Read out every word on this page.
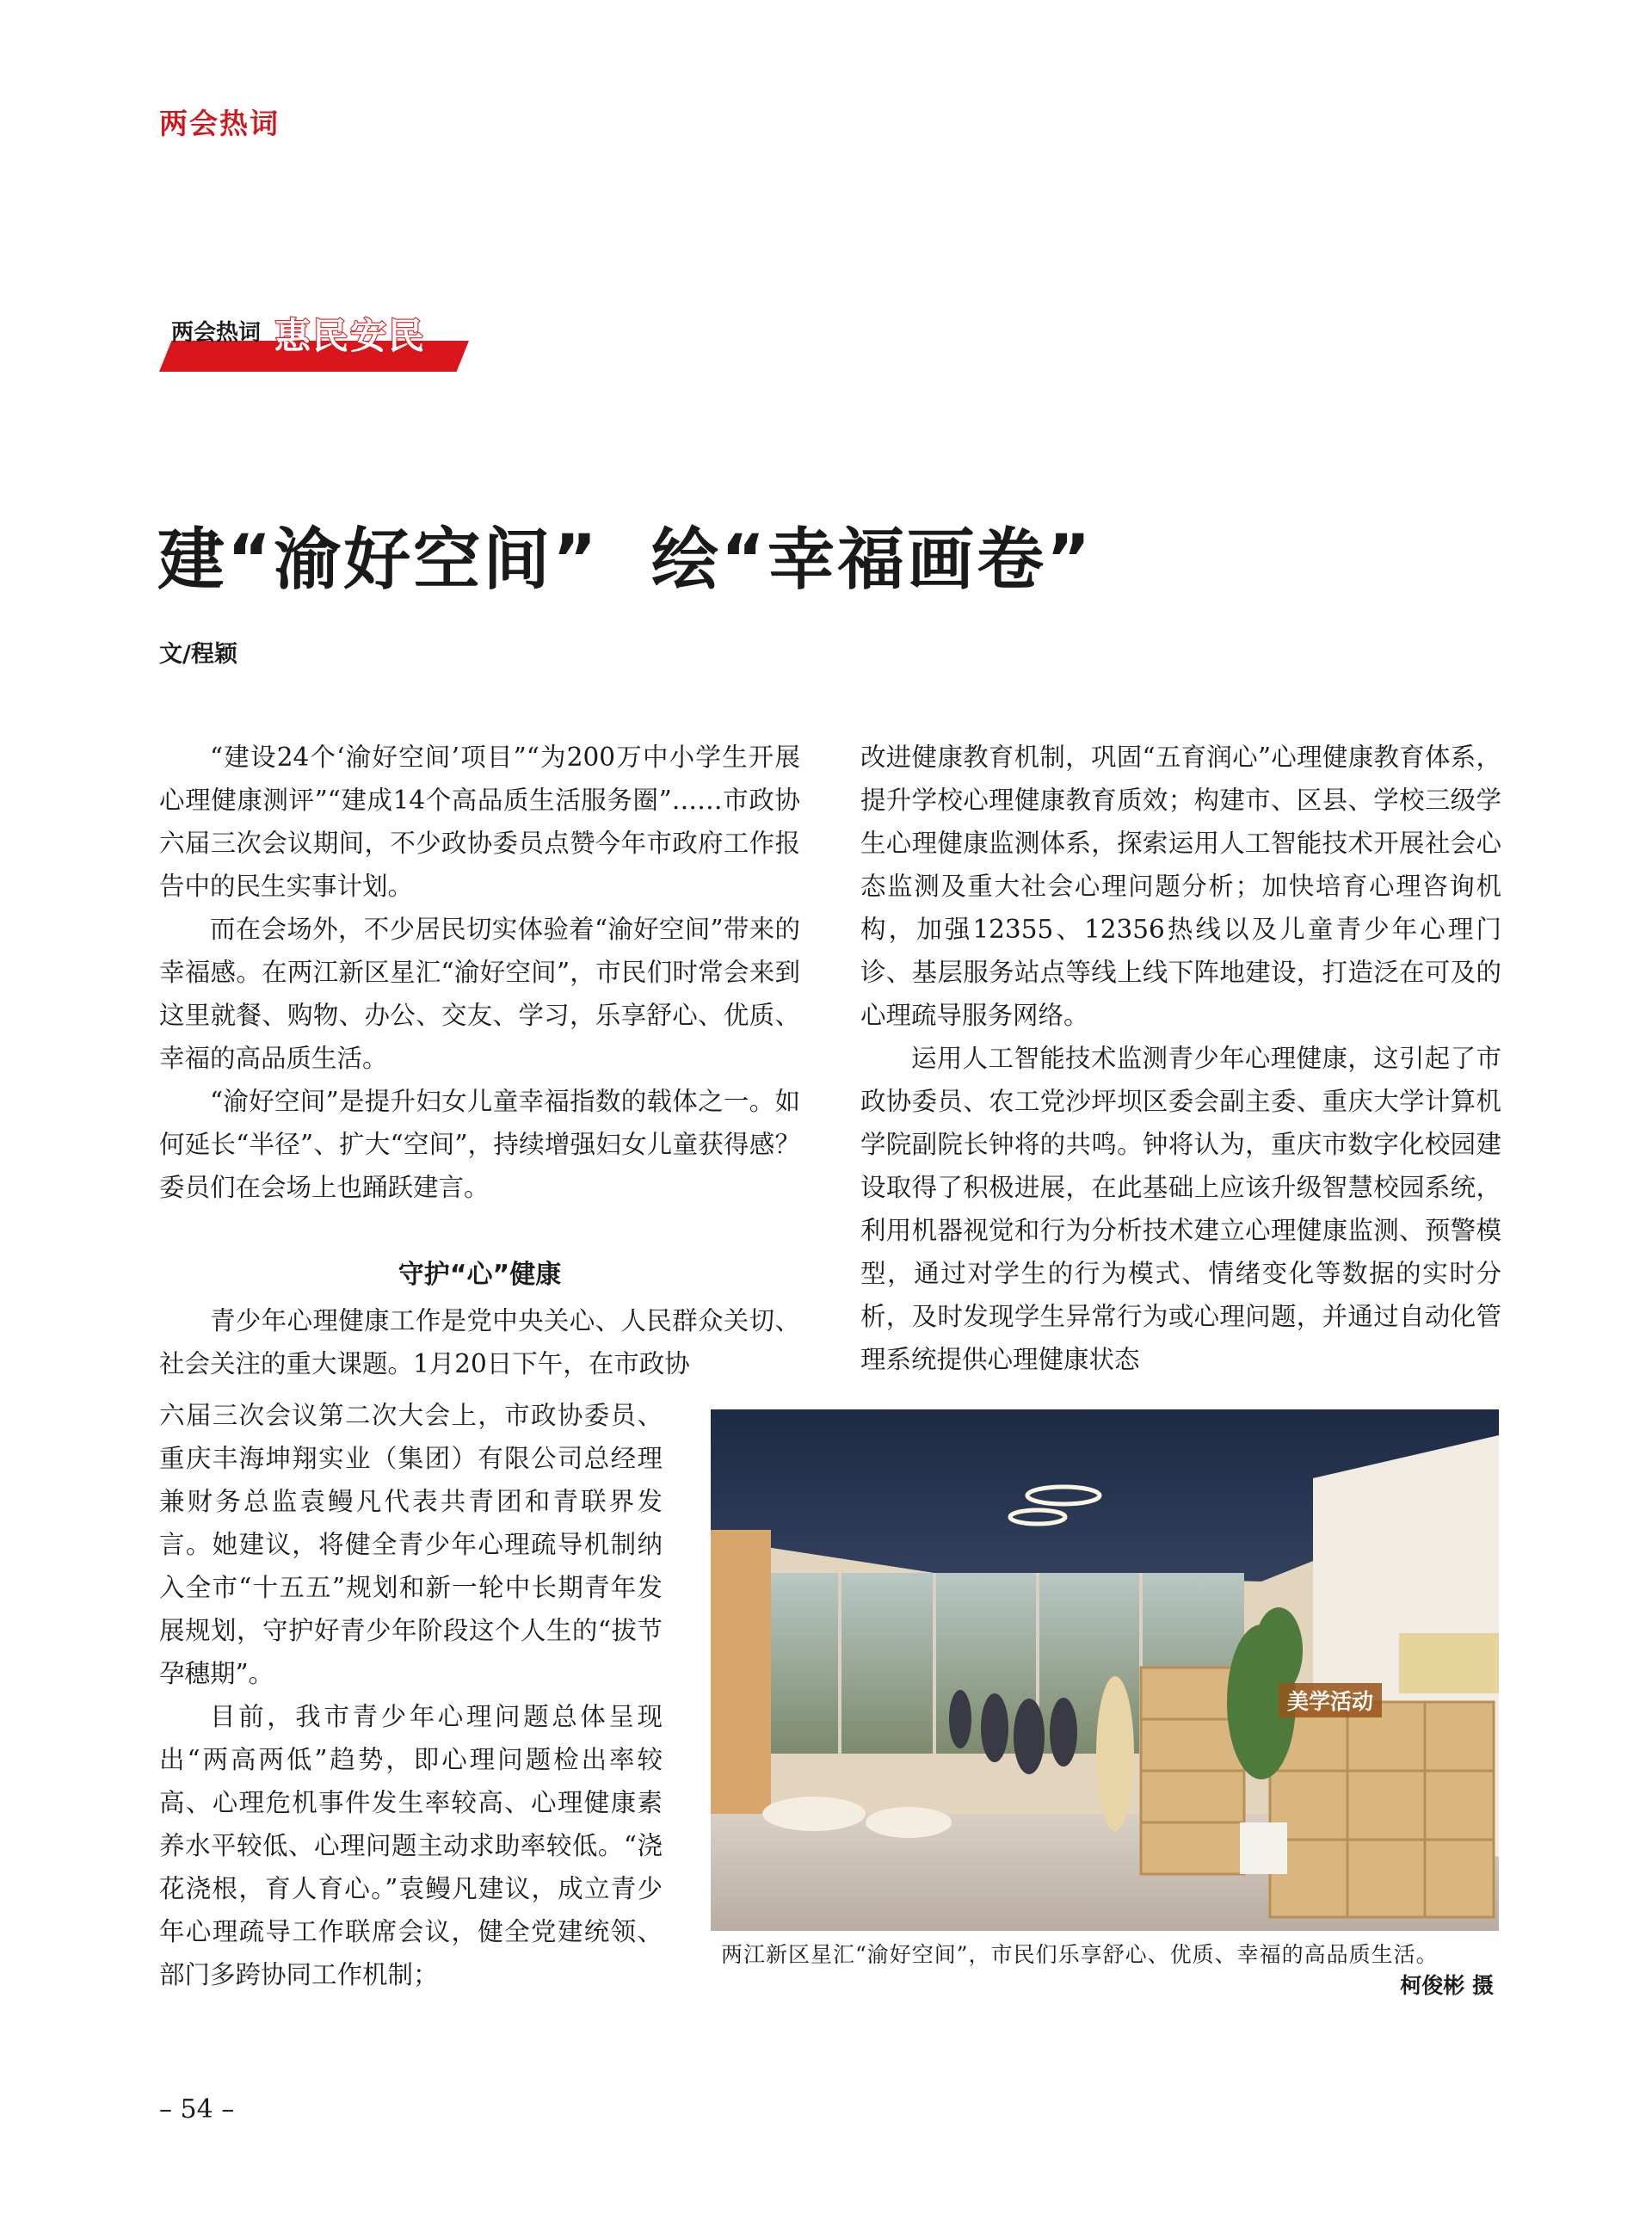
两会热词
两会热词 惠民安民
建“渝好空间”  绘“幸福画卷”
文/程颖

“建设24个‘渝好空间’项目”“为200万中小学生开展心理健康测评”“建成14个高品质生活服务圈”……市政协六届三次会议期间，不少政协委员点赞今年市政府工作报告中的民生实事计划。

而在会场外，不少居民切实体验着“渝好空间”带来的幸福感。在两江新区星汇“渝好空间”，市民们时常会来到这里就餐、购物、办公、交友、学习，乐享舒心、优质、幸福的高品质生活。

“渝好空间”是提升妇女儿童幸福指数的载体之一。如何延长“半径”、扩大“空间”，持续增强妇女儿童获得感？委员们在会场上也踊跃建言。

守护“心”健康

青少年心理健康工作是党中央关心、人民群众关切、社会关注的重大课题。1月20日下午，在市政协

六届三次会议第二次大会上，市政协委员、重庆丰海坤翔实业（集团）有限公司总经理兼财务总监袁鳗凡代表共青团和青联界发言。她建议，将健全青少年心理疏导机制纳入全市“十五五”规划和新一轮中长期青年发展规划，守护好青少年阶段这个人生的“拔节孕穗期”。

目前，我市青少年心理问题总体呈现出“两高两低”趋势，即心理问题检出率较高、心理危机事件发生率较高、心理健康素养水平较低、心理问题主动求助率较低。“浇花浇根，育人育心。”袁鳗凡建议，成立青少年心理疏导工作联席会议，健全党建统领、部门多跨协同工作机制；

改进健康教育机制，巩固“五育润心”心理健康教育体系，提升学校心理健康教育质效；构建市、区县、学校三级学生心理健康监测体系，探索运用人工智能技术开展社会心态监测及重大社会心理问题分析；加快培育心理咨询机构，加强12355、12356热线以及儿童青少年心理门诊、基层服务站点等线上线下阵地建设，打造泛在可及的心理疏导服务网络。

运用人工智能技术监测青少年心理健康，这引起了市政协委员、农工党沙坪坝区委会副主委、重庆大学计算机学院副院长钟将的共鸣。钟将认为，重庆市数字化校园建设取得了积极进展，在此基础上应该升级智慧校园系统，利用机器视觉和行为分析技术建立心理健康监测、预警模型，通过对学生的行为模式、情绪变化等数据的实时分析，及时发现学生异常行为或心理问题，并通过自动化管理系统提供心理健康状态

美学活动
两江新区星汇“渝好空间”，市民们乐享舒心、优质、幸福的高品质生活。
柯俊彬 摄
– 54 –
